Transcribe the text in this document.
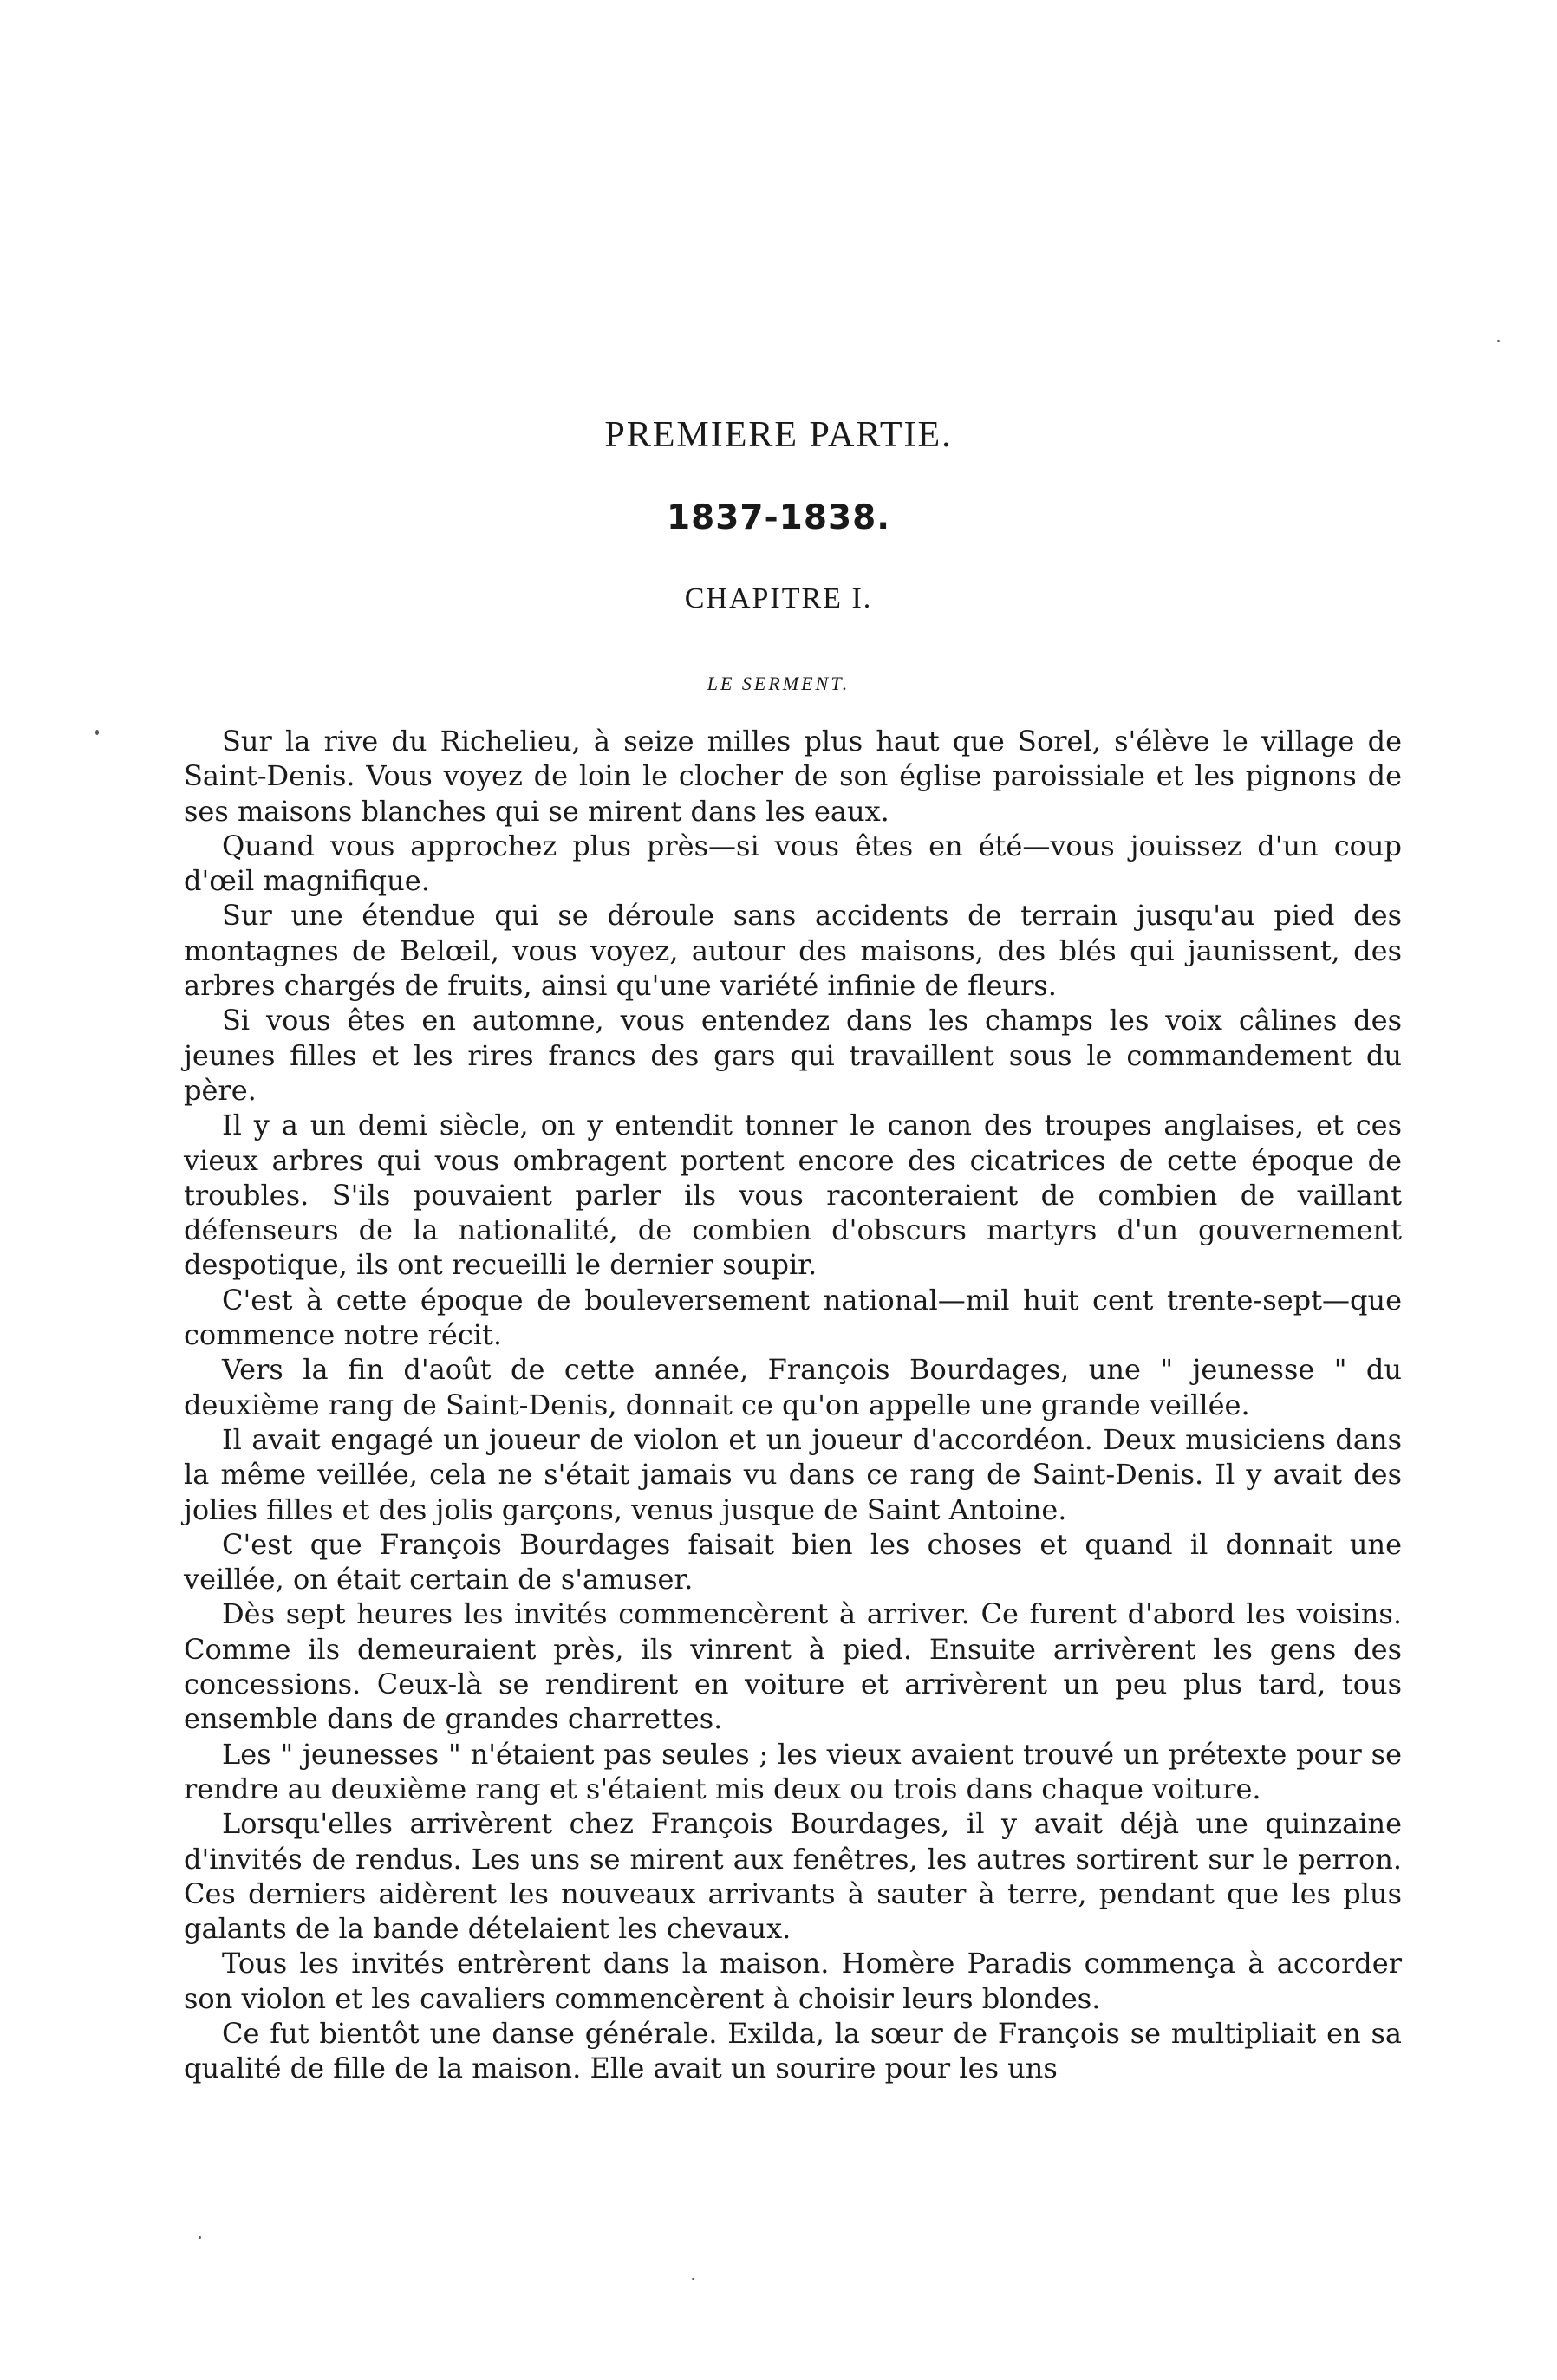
PREMIERE PARTIE.
1837-1838.
CHAPITRE I.
LE SERMENT.

Sur la rive du Richelieu, à seize milles plus haut que Sorel, s'élève le village de Saint-Denis. Vous voyez de loin le clocher de son église paroissiale et les pignons de ses maisons blanches qui se mirent dans les eaux.

Quand vous approchez plus près—si vous êtes en été—vous jouissez d'un coup d'œil magnifique.

Sur une étendue qui se déroule sans accidents de terrain jusqu'au pied des montagnes de Belœil, vous voyez, autour des maisons, des blés qui jaunissent, des arbres chargés de fruits, ainsi qu'une variété infinie de fleurs.

Si vous êtes en automne, vous entendez dans les champs les voix câlines des jeunes filles et les rires francs des gars qui travaillent sous le commandement du père.

Il y a un demi siècle, on y entendit tonner le canon des troupes anglaises, et ces vieux arbres qui vous ombragent portent encore des cicatrices de cette époque de troubles. S'ils pouvaient parler ils vous raconteraient de combien de vaillant défenseurs de la nationalité, de combien d'obscurs martyrs d'un gouvernement despotique, ils ont recueilli le dernier soupir.

C'est à cette époque de bouleversement national—mil huit cent trente-sept—que commence notre récit.

Vers la fin d'août de cette année, François Bourdages, une " jeunesse " du deuxième rang de Saint-Denis, donnait ce qu'on appelle une grande veillée.

Il avait engagé un joueur de violon et un joueur d'accordéon. Deux musiciens dans la même veillée, cela ne s'était jamais vu dans ce rang de Saint-Denis. Il y avait des jolies filles et des jolis garçons, venus jusque de Saint Antoine.

C'est que François Bourdages faisait bien les choses et quand il donnait une veillée, on était certain de s'amuser.

Dès sept heures les invités commencèrent à arriver. Ce furent d'abord les voisins. Comme ils demeuraient près, ils vinrent à pied. Ensuite arrivèrent les gens des concessions. Ceux-là se rendirent en voiture et arrivèrent un peu plus tard, tous ensemble dans de grandes charrettes.

Les " jeunesses " n'étaient pas seules ; les vieux avaient trouvé un prétexte pour se rendre au deuxième rang et s'étaient mis deux ou trois dans chaque voiture.

Lorsqu'elles arrivèrent chez François Bourdages, il y avait déjà une quinzaine d'invités de rendus. Les uns se mirent aux fenêtres, les autres sortirent sur le perron. Ces derniers aidèrent les nouveaux arrivants à sauter à terre, pendant que les plus galants de la bande dételaient les chevaux.

Tous les invités entrèrent dans la maison. Homère Paradis commença à accorder son violon et les cavaliers commencèrent à choisir leurs blondes.

Ce fut bientôt une danse générale. Exilda, la sœur de François se multipliait en sa qualité de fille de la maison. Elle avait un sourire pour les uns
